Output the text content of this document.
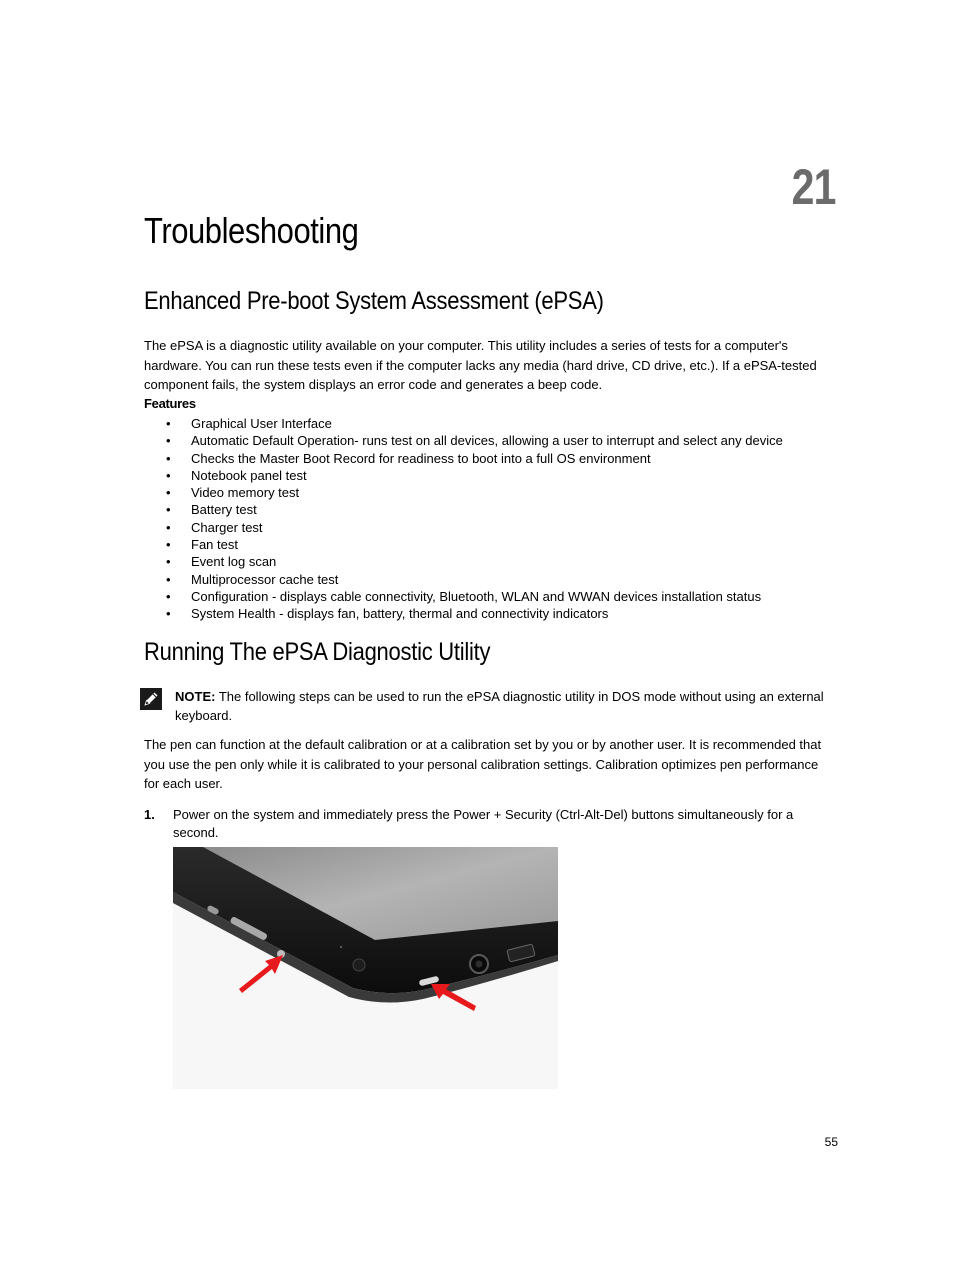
21
Troubleshooting
Enhanced Pre-boot System Assessment (ePSA)

The ePSA is a diagnostic utility available on your computer. This utility includes a series of tests for a computer's hardware. You can run these tests even if the computer lacks any media (hard drive, CD drive, etc.). If a ePSA-tested component fails, the system displays an error code and generates a beep code.

Features
• Graphical User Interface
• Automatic Default Operation- runs test on all devices, allowing a user to interrupt and select any device
• Checks the Master Boot Record for readiness to boot into a full OS environment
• Notebook panel test
• Video memory test
• Battery test
• Charger test
• Fan test
• Event log scan
• Multiprocessor cache test
• Configuration - displays cable connectivity, Bluetooth, WLAN and WWAN devices installation status
• System Health - displays fan, battery, thermal and connectivity indicators
Running The ePSA Diagnostic Utility

NOTE: The following steps can be used to run the ePSA diagnostic utility in DOS mode without using an external keyboard.

The pen can function at the default calibration or at a calibration set by you or by another user. It is recommended that you use the pen only while it is calibrated to your personal calibration settings. Calibration optimizes pen performance for each user.

1. Power on the system and immediately press the Power + Security (Ctrl-Alt-Del) buttons simultaneously for a second.
55
